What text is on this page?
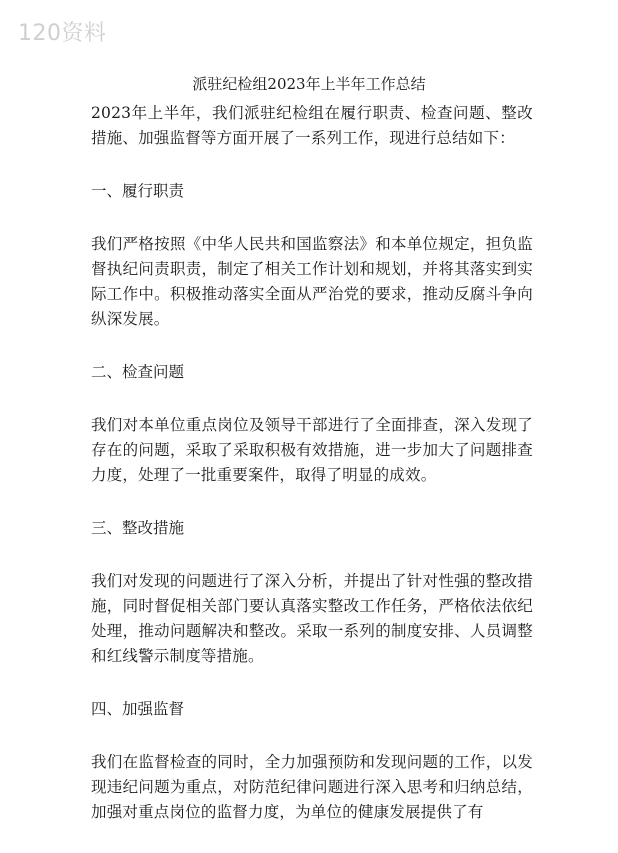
120资料
派驻纪检组2023年上半年工作总结

2023年上半年，我们派驻纪检组在履行职责、检查问题、整改措施、加强监督等方面开展了一系列工作，现进行总结如下：

一、履行职责

我们严格按照《中华人民共和国监察法》和本单位规定，担负监督执纪问责职责，制定了相关工作计划和规划，并将其落实到实际工作中。积极推动落实全面从严治党的要求，推动反腐斗争向纵深发展。

二、检查问题

我们对本单位重点岗位及领导干部进行了全面排查，深入发现了存在的问题，采取了采取积极有效措施，进一步加大了问题排查力度，处理了一批重要案件，取得了明显的成效。

三、整改措施

我们对发现的问题进行了深入分析，并提出了针对性强的整改措施，同时督促相关部门要认真落实整改工作任务，严格依法依纪处理，推动问题解决和整改。采取一系列的制度安排、人员调整和红线警示制度等措施。

四、加强监督

我们在监督检查的同时，全力加强预防和发现问题的工作，以发现违纪问题为重点，对防范纪律问题进行深入思考和归纳总结，加强对重点岗位的监督力度，为单位的健康发展提供了有
